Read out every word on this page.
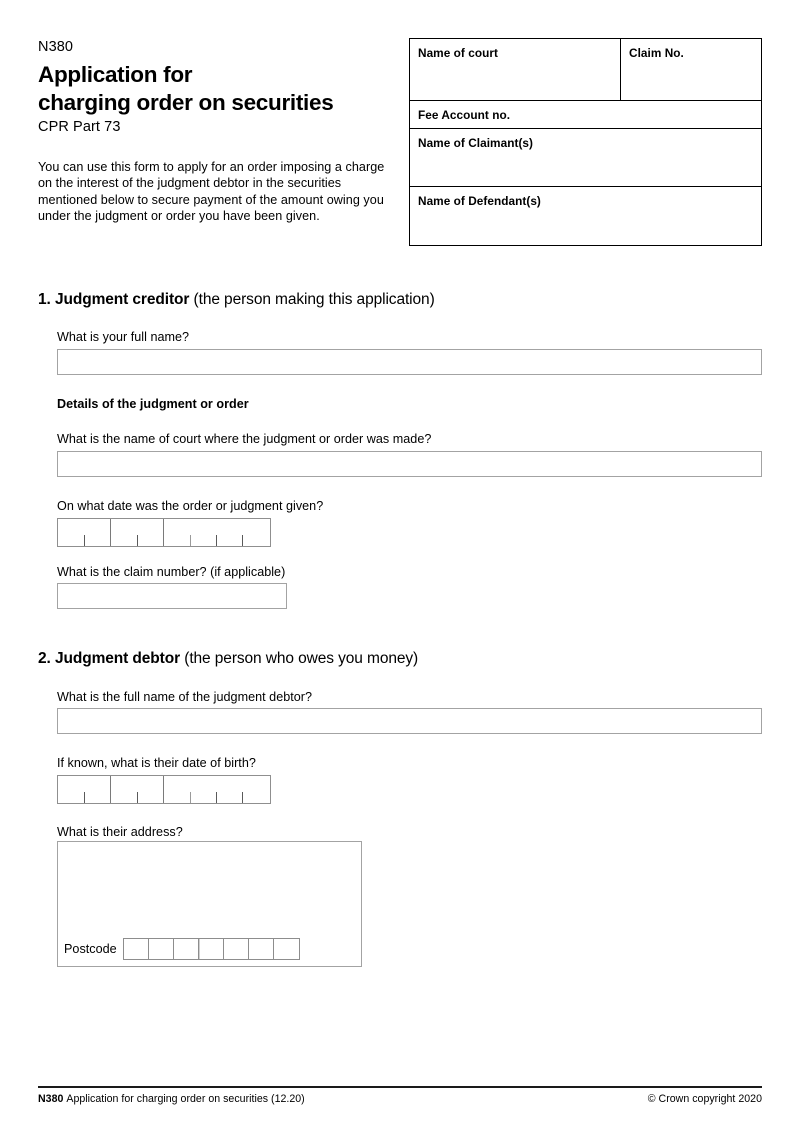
N380
Application for
charging order on securities
CPR Part 73
You can use this form to apply for an order imposing a charge on the interest of the judgment debtor in the securities mentioned below to secure payment of the amount owing you under the judgment or order you have been given.
Name of court	Claim No.
Fee Account no.
Name of Claimant(s)
Name of Defendant(s)
1. Judgment creditor (the person making this application)
What is your full name?
Details of the judgment or order
What is the name of court where the judgment or order was made?
On what date was the order or judgment given?
What is the claim number? (if applicable)
2. Judgment debtor (the person who owes you money)
What is the full name of the judgment debtor?
If known, what is their date of birth?
What is their address?
Postcode
N380 Application for charging order on securities (12.20)	© Crown copyright 2020
